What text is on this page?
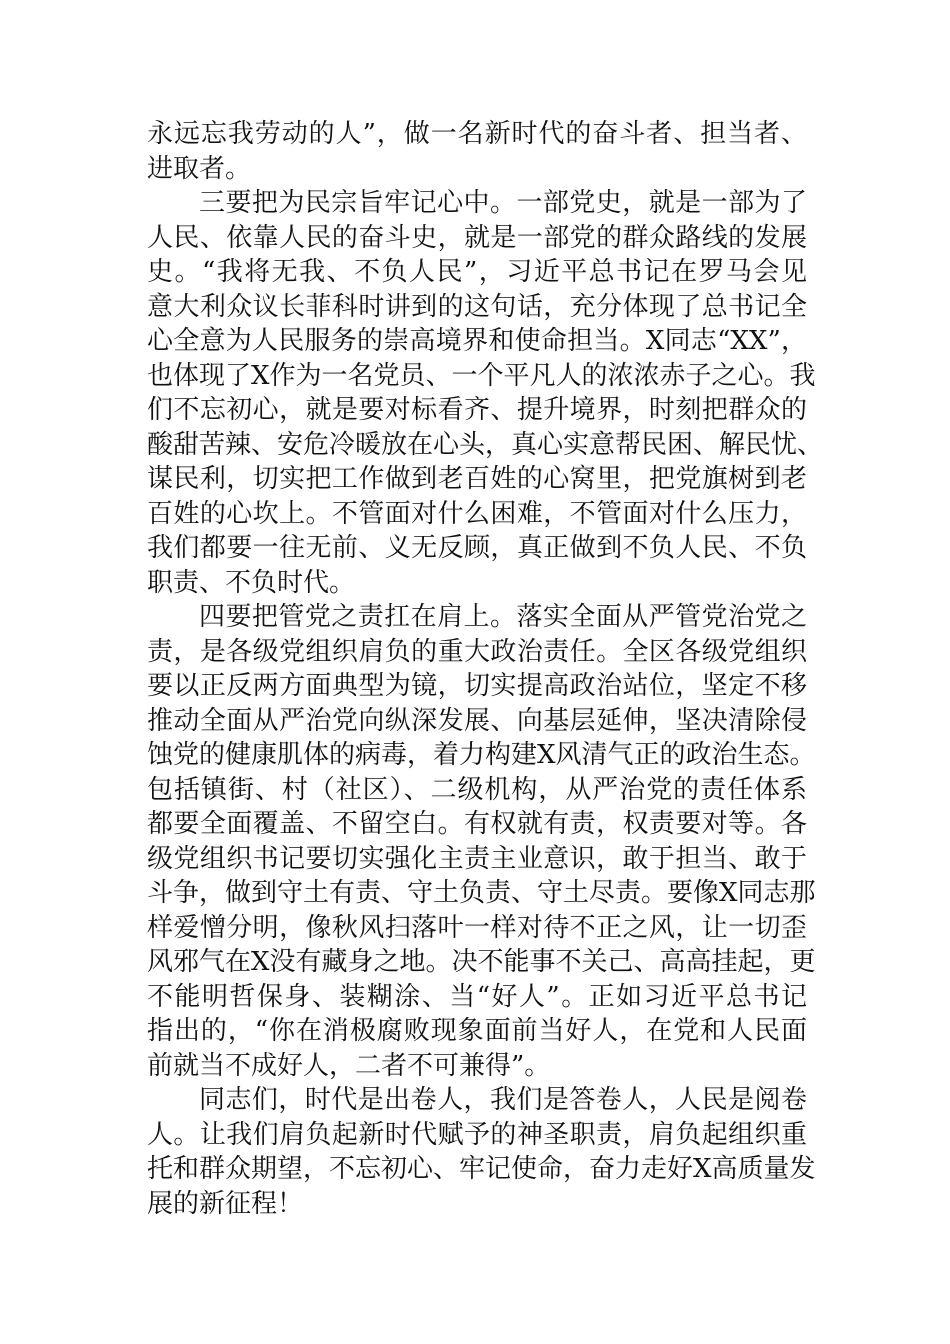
永远忘我劳动的人”，做一名新时代的奋斗者、担当者、
进取者。
三要把为民宗旨牢记心中。一部党史，就是一部为了
人民、依靠人民的奋斗史，就是一部党的群众路线的发展
史。“我将无我、不负人民”，习近平总书记在罗马会见
意大利众议长菲科时讲到的这句话，充分体现了总书记全
心全意为人民服务的崇高境界和使命担当。X同志“XX”，
也体现了X作为一名党员、一个平凡人的浓浓赤子之心。我
们不忘初心，就是要对标看齐、提升境界，时刻把群众的
酸甜苦辣、安危冷暖放在心头，真心实意帮民困、解民忧、
谋民利，切实把工作做到老百姓的心窝里，把党旗树到老
百姓的心坎上。不管面对什么困难，不管面对什么压力，
我们都要一往无前、义无反顾，真正做到不负人民、不负
职责、不负时代。
四要把管党之责扛在肩上。落实全面从严管党治党之
责，是各级党组织肩负的重大政治责任。全区各级党组织
要以正反两方面典型为镜，切实提高政治站位，坚定不移
推动全面从严治党向纵深发展、向基层延伸，坚决清除侵
蚀党的健康肌体的病毒，着力构建X风清气正的政治生态。
包括镇街、村（社区）、二级机构，从严治党的责任体系
都要全面覆盖、不留空白。有权就有责，权责要对等。各
级党组织书记要切实强化主责主业意识，敢于担当、敢于
斗争，做到守土有责、守土负责、守土尽责。要像X同志那
样爱憎分明，像秋风扫落叶一样对待不正之风，让一切歪
风邪气在X没有藏身之地。决不能事不关己、高高挂起，更
不能明哲保身、装糊涂、当“好人”。正如习近平总书记
指出的，“你在消极腐败现象面前当好人，在党和人民面
前就当不成好人，二者不可兼得”。
同志们，时代是出卷人，我们是答卷人，人民是阅卷
人。让我们肩负起新时代赋予的神圣职责，肩负起组织重
托和群众期望，不忘初心、牢记使命，奋力走好X高质量发
展的新征程！
